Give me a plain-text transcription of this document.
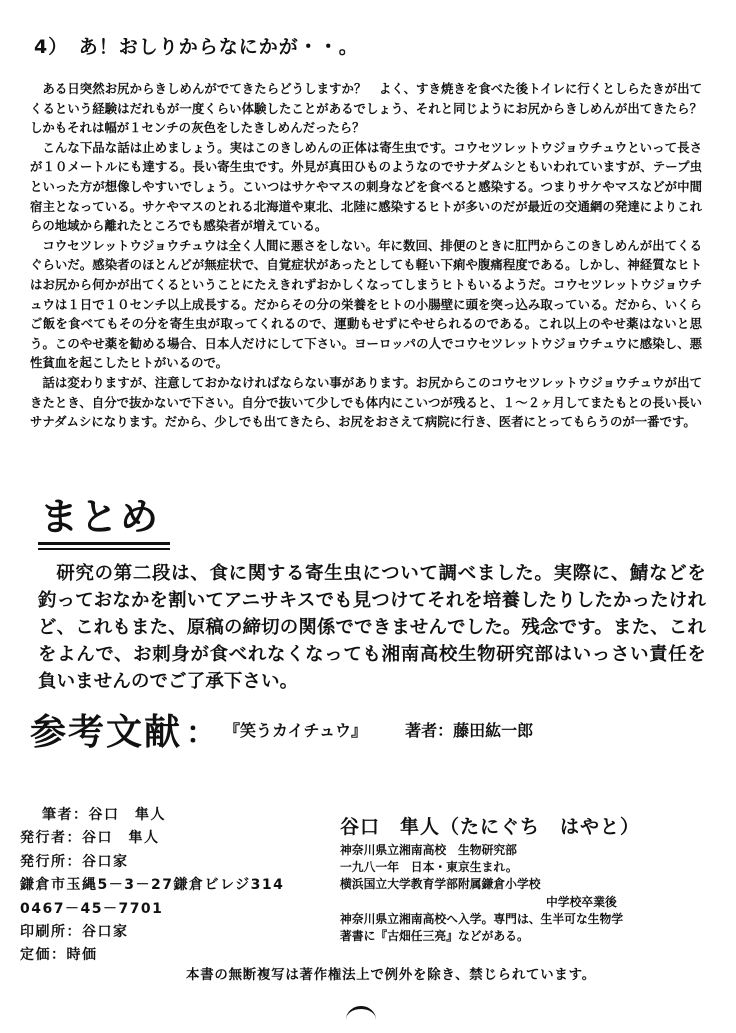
4）　あ！おしりからなにかが・・。

ある日突然お尻からきしめんがでてきたらどうしますか？　よく、すき焼きを食べた後トイレに行くとしらたきが出てくるという経験はだれもが一度くらい体験したことがあるでしょう、それと同じようにお尻からきしめんが出てきたら？しかもそれは幅が１センチの灰色をしたきしめんだったら？

こんな下品な話は止めましょう。実はこのきしめんの正体は寄生虫です。コウセツレットウジョウチュウといって長さが１０メートルにも達する。長い寄生虫です。外見が真田ひものようなのでサナダムシともいわれていますが、テープ虫といった方が想像しやすいでしょう。こいつはサケやマスの刺身などを食べると感染する。つまりサケやマスなどが中間宿主となっている。サケやマスのとれる北海道や東北、北陸に感染するヒトが多いのだが最近の交通網の発達によりこれらの地域から離れたところでも感染者が増えている。

コウセツレットウジョウチュウは全く人間に悪さをしない。年に数回、排便のときに肛門からこのきしめんが出てくるぐらいだ。感染者のほとんどが無症状で、自覚症状があったとしても軽い下痢や腹痛程度である。しかし、神経質なヒトはお尻から何かが出てくるということにたえきれずおかしくなってしまうヒトもいるようだ。コウセツレットウジョウチュウは１日で１０センチ以上成長する。だからその分の栄養をヒトの小腸壁に頭を突っ込み取っている。だから、いくらご飯を食べてもその分を寄生虫が取ってくれるので、運動もせずにやせられるのである。これ以上のやせ薬はないと思う。このやせ薬を勧める場合、日本人だけにして下さい。ヨーロッパの人でコウセツレットウジョウチュウに感染し、悪性貧血を起こしたヒトがいるので。

話は変わりますが、注意しておかなければならない事があります。お尻からこのコウセツレットウジョウチュウが出てきたとき、自分で抜かないで下さい。自分で抜いて少しでも体内にこいつが残ると、１～２ヶ月してまたもとの長い長いサナダムシになります。だから、少しでも出てきたら、お尻をおさえて病院に行き、医者にとってもらうのが一番です。

まとめ

研究の第二段は、食に関する寄生虫について調べました。実際に、鯖などを釣っておなかを割いてアニサキスでも見つけてそれを培養したりしたかったけれど、これもまた、原稿の締切の関係でできませんでした。残念です。また、これをよんで、お刺身が食べれなくなっても湘南高校生物研究部はいっさい責任を負いませんのでご了承下さい。

参考文献 ： 『笑うカイチュウ』 著者：藤田紘一郎
筆者：谷口　隼人
発行者：谷口　隼人
発行所：谷口家
鎌倉市玉縄5－3－27鎌倉ビレジ314
0467－45－7701
印刷所：谷口家
定価：時価
谷口　隼人（たにぐち　はやと）
神奈川県立湘南高校　生物研究部
一九八一年　日本・東京生まれ。
横浜国立大学教育学部附属鎌倉小学校
中学校卒業後
神奈川県立湘南高校へ入学。専門は、生半可な生物学
著書に『古畑任三亮』などがある。
本書の無断複写は著作権法上で例外を除き、禁じられています。
